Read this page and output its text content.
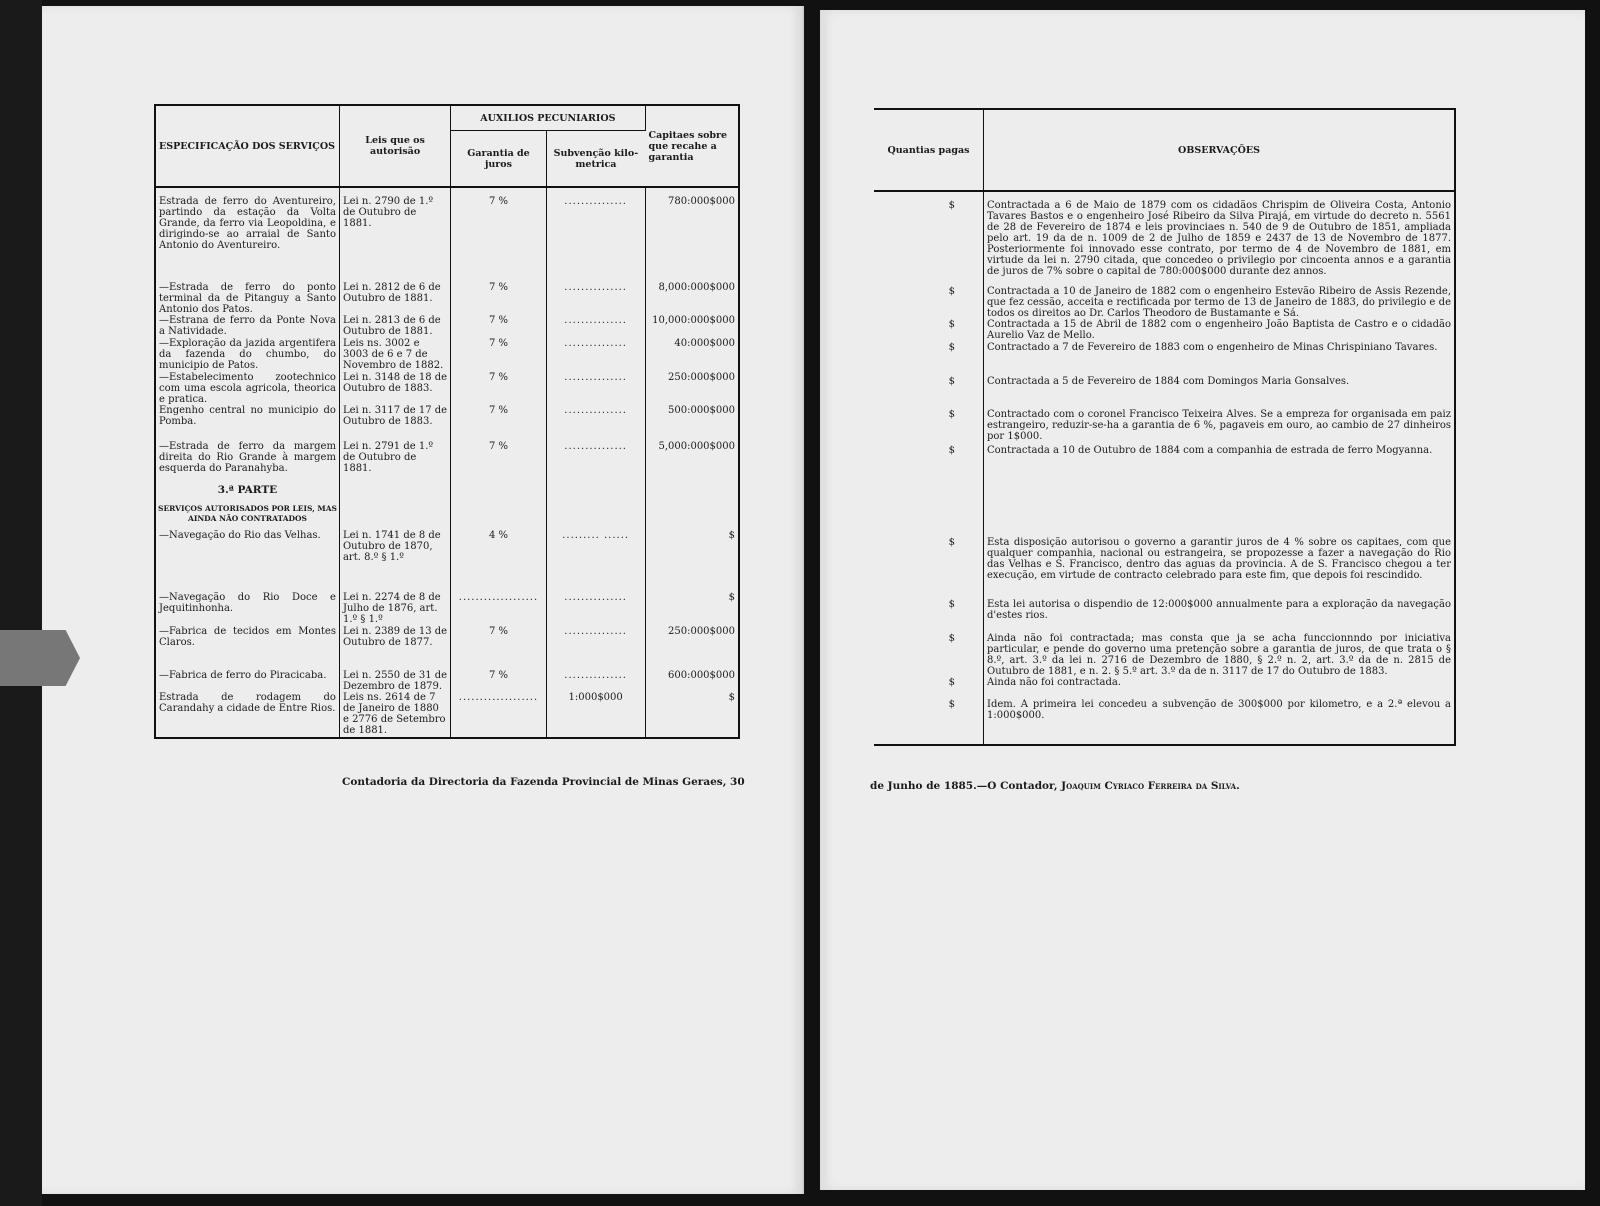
ESPECIFICAÇÃO DOS SERVIÇOS	Leis que os autorisão	AUXILIOS PECUNIARIOS		Capitaes sobre que recahe a garantia
		Garantia de juros	Subvenção kilo-metrica	

Estrada de ferro do Aventureiro, partindo da estação da Volta Grande, da ferro via Leopoldina, e dirigindo-se ao arraial de Santo Antonio do Aventureiro.	Lei n. 2790 de 1.º de Outubro de 1881.	7 %	...............	780:000$000
—Estrada de ferro do ponto terminal da de Pitanguy a Santo Antonio dos Patos.	Lei n. 2812 de 6 de Outubro de 1881.	7 %	...............	8,000:000$000
—Estrana de ferro da Ponte Nova a Natividade.	Lei n. 2813 de 6 de Outubro de 1881.	7 %	...............	10,000:000$000
—Exploração da jazida argentifera da fazenda do chumbo, do municipio de Patos.	Leis ns. 3002 e 3003 de 6 e 7 de Novembro de 1882.	7 %	...............	40:000$000
—Estabelecimento zootechnico com uma escola agricola, theorica e pratica.	Lei n. 3148 de 18 de Outubro de 1883.	7 %	...............	250:000$000
Engenho central no municipio do Pomba.	Lei n. 3117 de 17 de Outubro de 1883.	7 %	...............	500:000$000
—Estrada de ferro da margem direita do Rio Grande à margem esquerda do Paranahyba.	Lei n. 2791 de 1.º de Outubro de 1881.	7 %	...............	5,000:000$000
3.ª PARTE				
SERVIÇOS AUTORISADOS POR LEIS, MAS AINDA NÃO CONTRATADOS				
—Navegação do Rio das Velhas.	Lei n. 1741 de 8 de Outubro de 1870, art. 8.º § 1.º	4 %	......... ......	$
—Navegação do Rio Doce e Jequitinhonha.	Lei n. 2274 de 8 de Julho de 1876, art. 1.º § 1.º	...................	...............	$
—Fabrica de tecidos em Montes Claros.	Lei n. 2389 de 13 de Outubro de 1877.	7 %	...............	250:000$000
—Fabrica de ferro do Piracicaba.	Lei n. 2550 de 31 de Dezembro de 1879.	7 %	...............	600:000$000
Estrada de rodagem do Carandahy a cidade de Entre Rios.	Leis ns. 2614 de 7 de Janeiro de 1880 e 2776 de Setembro de 1881.	...................	1:000$000	$
Contadoria da Directoria da Fazenda Provincial de Minas Geraes, 30
Quantias pagas	OBSERVAÇÕES

$	Contractada a 6 de Maio de 1879 com os cidadãos Chrispim de Oliveira Costa, Antonio Tavares Bastos e o engenheiro José Ribeiro da Silva Pirajá, em virtude do decreto n. 5561 de 28 de Fevereiro de 1874 e leis provinciaes n. 540 de 9 de Outubro de 1851, ampliada pelo art. 19 da de n. 1009 de 2 de Julho de 1859 e 2437 de 13 de Novembro de 1877. Posteriormente foi innovado esse contrato, por termo de 4 de Novembro de 1881, em virtude da lei n. 2790 citada, que concedeo o privilegio por cincoenta annos e a garantia de juros de 7% sobre o capital de 780:000$000 durante dez annos.
$	Contractada a 10 de Janeiro de 1882 com o engenheiro Estevão Ribeiro de Assis Rezende, que fez cessão, acceita e rectificada por termo de 13 de Janeiro de 1883, do privilegio e de todos os direitos ao Dr. Carlos Theodoro de Bustamante e Sá.
$	Contractada a 15 de Abril de 1882 com o engenheiro João Baptista de Castro e o cidadão Aurelio Vaz de Mello.
$	Contractado a 7 de Fevereiro de 1883 com o engenheiro de Minas Chrispiniano Tavares.
$	Contractada a 5 de Fevereiro de 1884 com Domingos Maria Gonsalves.
$	Contractado com o coronel Francisco Teixeira Alves. Se a empreza for organisada em paiz estrangeiro, reduzir-se-ha a garantia de 6 %, pagaveis em ouro, ao cambio de 27 dinheiros por 1$000.
$	Contractada a 10 de Outubro de 1884 com a companhia de estrada de ferro Mogyanna.

$	Esta disposição autorisou o governo a garantir juros de 4 % sobre os capitaes, com que qualquer companhia, nacional ou estrangeira, se propozesse a fazer a navegação do Rio das Velhas e S. Francisco, dentro das aguas da provincia. A de S. Francisco chegou a ter execução, em virtude de contracto celebrado para este fim, que depois foi rescindido.
$	Esta lei autorisa o dispendio de 12:000$000 annualmente para a exploração da navegação d'estes rios.
$	Ainda não foi contractada; mas consta que ja se acha funccionnndo por iniciativa particular, e pende do governo uma pretenção sobre a garantia de juros, de que trata o § 8.º, art. 3.º da lei n. 2716 de Dezembro de 1880, § 2.º n. 2, art. 3.º da de n. 2815 de Outubro de 1881, e n. 2. § 5.º art. 3.º da de n. 3117 de 17 do Outubro de 1883.
$	Ainda não foi contractada.
$	Idem. A primeira lei concedeu a subvenção de 300$000 por kilometro, e a 2.ª elevou a 1:000$000.
de Junho de 1885.—O Contador, Joaquim Cyriaco Ferreira da Silva.
